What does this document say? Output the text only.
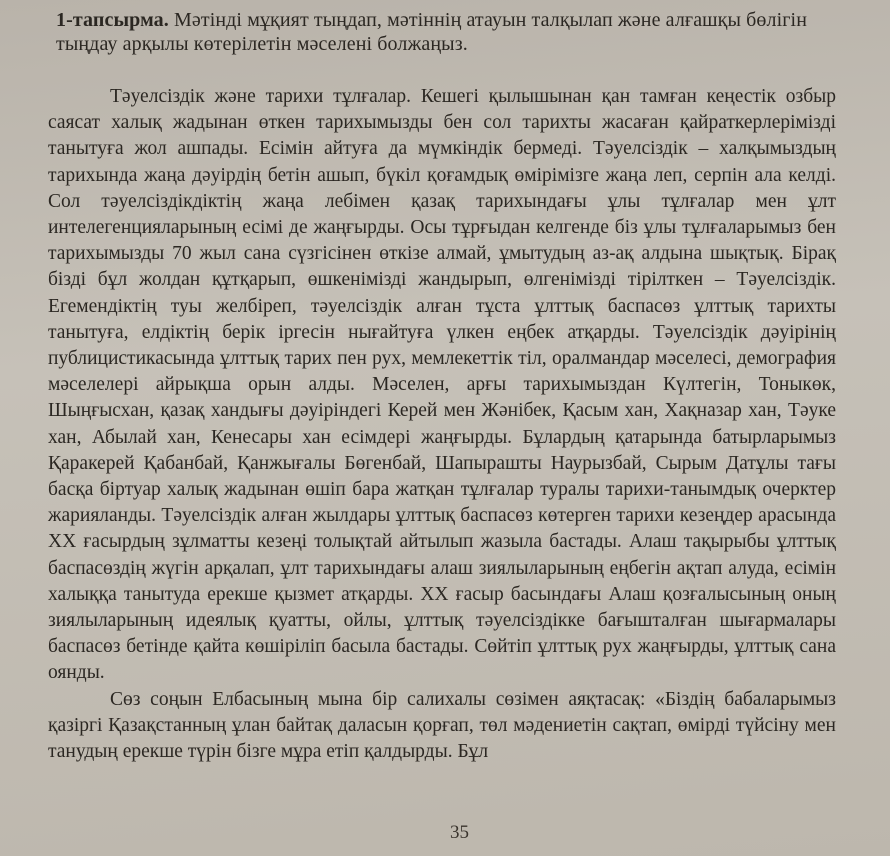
1-тапсырма. Мәтінді мұқият тыңдап, мәтіннің атауын талқылап және алғашқы бөлігін тыңдау арқылы көтерілетін мәселені болжаңыз.

Тәуелсіздік және тарихи тұлғалар. Кешегі қылышынан қан тамған кеңестік озбыр саясат халық жадынан өткен тарихымызды бен сол тарихты жасаған қайраткерлерімізді танытуға жол ашпады. Есімін айтуға да мүмкіндік бермеді. Тәуелсіздік – халқымыздың тарихында жаңа дәуірдің бетін ашып, бүкіл қоғамдық өмірімізге жаңа леп, серпін ала келді. Сол тәуелсіздікдіктің жаңа лебімен қазақ тарихындағы ұлы тұлғалар мен ұлт интелегенцияларының есімі де жаңғырды. Осы тұрғыдан келгенде біз ұлы тұлғаларымыз бен тарихымызды 70 жыл сана сүзгісінен өткізе алмай, ұмытудың аз-ақ алдына шықтық. Бірақ бізді бұл жолдан құтқарып, өшкенімізді жандырып, өлгенімізді тірілткен – Тәуелсіздік. Егемендіктің туы желбіреп, тәуелсіздік алған тұста ұлттық баспасөз ұлттық тарихты танытуға, елдіктің берік іргесін нығайтуға үлкен еңбек атқарды. Тәуелсіздік дәуірінің публицистикасында ұлттық тарих пен рух, мемлекеттік тіл, оралмандар мәселесі, демография мәселелері айрықша орын алды. Мәселен, арғы тарихымыздан Күлтегін, Тоныкөк, Шыңғысхан, қазақ хандығы дәуіріндегі Керей мен Жәнібек, Қасым хан, Хақназар хан, Тәуке хан, Абылай хан, Кенесары хан есімдері жаңғырды. Бұлардың қатарында батырларымыз Қаракерей Қабанбай, Қанжығалы Бөгенбай, Шапырашты Наурызбай, Сырым Датұлы тағы басқа біртуар халық жадынан өшіп бара жатқан тұлғалар туралы тарихи-танымдық очерктер жарияланды. Тәуелсіздік алған жылдары ұлттық баспасөз көтерген тарихи кезеңдер арасында XX ғасырдың зұлматты кезеңі толықтай айтылып жазыла бастады. Алаш тақырыбы ұлттық баспасөздің жүгін арқалап, ұлт тарихындағы алаш зиялыларының еңбегін ақтап алуда, есімін халыққа танытуда ерекше қызмет атқарды. XX ғасыр басындағы Алаш қозғалысының оның зиялыларының идеялық қуатты, ойлы, ұлттық тәуелсіздікке бағышталған шығармалары баспасөз бетінде қайта көшіріліп басыла бастады. Сөйтіп ұлттық рух жаңғырды, ұлттық сана оянды.

Сөз соңын Елбасының мына бір салихалы сөзімен аяқтасақ: «Біздің бабаларымыз қазіргі Қазақстанның ұлан байтақ даласын қорғап, төл мәдениетін сақтап, өмірді түйсіну мен танудың ерекше түрін бізге мұра етіп қалдырды. Бұл

35
